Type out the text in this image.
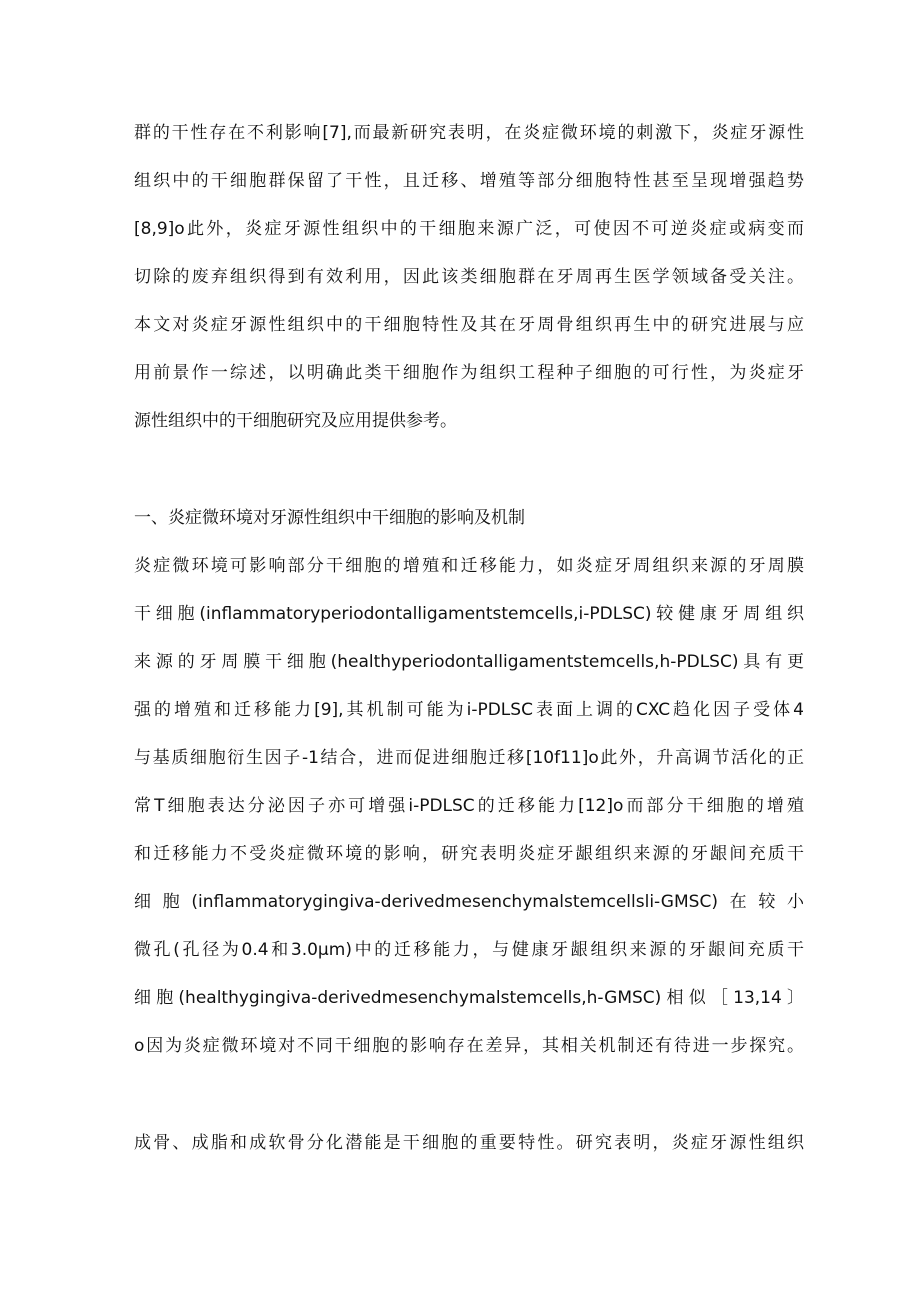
群的干性存在不利影响[7],而最新研究表明，在炎症微环境的刺激下，炎症牙源性
组织中的干细胞群保留了干性，且迁移、增殖等部分细胞特性甚至呈现增强趋势
[8,9]o此外，炎症牙源性组织中的干细胞来源广泛，可使因不可逆炎症或病变而
切除的废弃组织得到有效利用，因此该类细胞群在牙周再生医学领域备受关注。
本文对炎症牙源性组织中的干细胞特性及其在牙周骨组织再生中的研究进展与应
用前景作一综述，以明确此类干细胞作为组织工程种子细胞的可行性，为炎症牙
源性组织中的干细胞研究及应用提供参考。
一、炎症微环境对牙源性组织中干细胞的影响及机制
炎症微环境可影响部分干细胞的增殖和迁移能力，如炎症牙周组织来源的牙周膜
干细胞(inflammatoryperiodontalligamentstemcells,i-PDLSC)较健康牙周组织
来源的牙周膜干细胞(healthyperiodontalligamentstemcells,h-PDLSC)具有更
强的增殖和迁移能力[9],其机制可能为i-PDLSC表面上调的CXC趋化因子受体4
与基质细胞衍生因子-1结合，进而促进细胞迁移[10f11]o此外，升高调节活化的正
常T细胞表达分泌因子亦可增强i-PDLSC的迁移能力[12]o而部分干细胞的增殖
和迁移能力不受炎症微环境的影响，研究表明炎症牙龈组织来源的牙龈间充质干
细胞(inflammatorygingiva-derivedmesenchymalstemcellsli-GMSC)在较小
微孔(孔径为0.4和3.0μm)中的迁移能力，与健康牙龈组织来源的牙龈间充质干
细胞(healthygingiva-derivedmesenchymalstemcells,h-GMSC)相似［13,14〕
o因为炎症微环境对不同干细胞的影响存在差异，其相关机制还有待进一步探究。
成骨、成脂和成软骨分化潜能是干细胞的重要特性。研究表明，炎症牙源性组织
